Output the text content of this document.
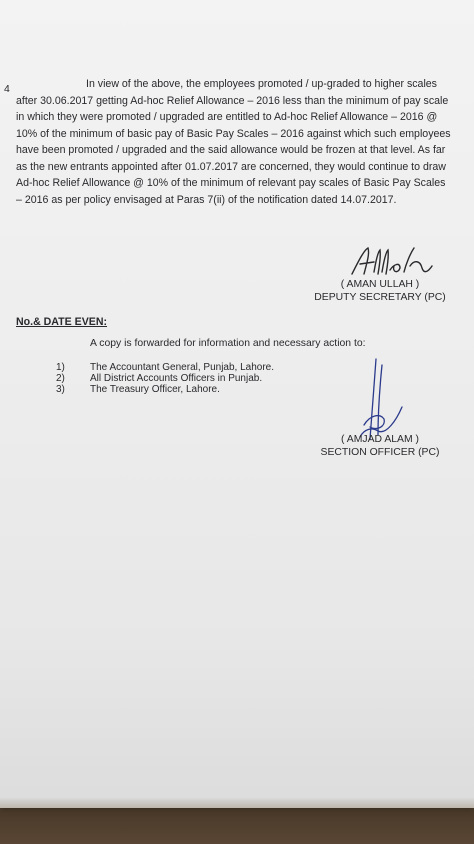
4	In view of the above, the employees promoted / up-graded to higher scales
after 30.06.2017 getting Ad-hoc Relief Allowance – 2016 less than the minimum of pay scale
in which they were promoted / upgraded are entitled to Ad-hoc Relief Allowance – 2016 @
10% of the minimum of basic pay of Basic Pay Scales – 2016 against which such employees
have been promoted / upgraded and the said allowance would be frozen at that level. As far
as the new entrants appointed after 01.07.2017 are concerned, they would continue to draw
Ad-hoc Relief Allowance @ 10% of the minimum of relevant pay scales of Basic Pay Scales
– 2016 as per policy envisaged at Paras 7(ii) of the notification dated 14.07.2017.

( AMAN ULLAH )
DEPUTY SECRETARY (PC)
No.& DATE EVEN:
A copy is forwarded for information and necessary action to:
1)	The Accountant General, Punjab, Lahore.
2)	All District Accounts Officers in Punjab.
3)	The Treasury Officer, Lahore.
( AMJAD ALAM )
SECTION OFFICER (PC)
